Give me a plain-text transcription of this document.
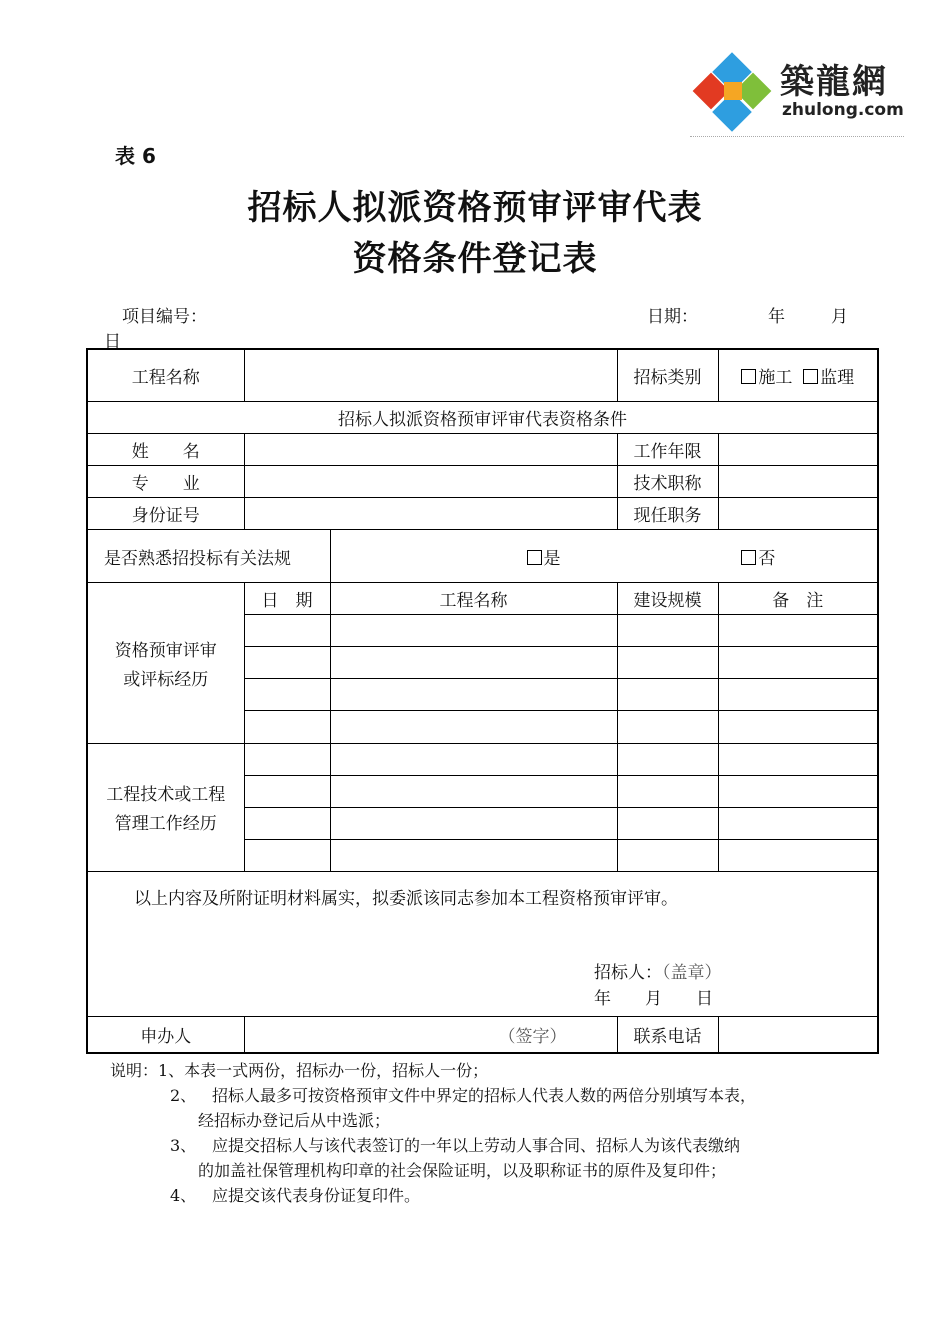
築龍網
zhulong.com
表 6
招标人拟派资格预审评审代表
资格条件登记表
项目编号：	日期：	年	月
日
工程名称			招标类别	施工 监理
招标人拟派资格预审评审代表资格条件				
姓　　名			工作年限	
专　　业			技术职称	
身份证号			现任职务	
是否熟悉招投标有关法规		是 否		

资格预审评审
或评标经历	日　期	工程名称	建设规模	备　注

工程技术或工程
管理工作经历				

以上内容及所附证明材料属实，拟委派该同志参加本工程资格预审评审。
招标人：（盖章）
年　　月　　日				

申办人	（签字）		联系电话	
说明：1、本表一式两份，招标办一份，招标人一份；
2、 招标人最多可按资格预审文件中界定的招标人代表人数的两倍分别填写本表，
经招标办登记后从中选派；
3、 应提交招标人与该代表签订的一年以上劳动人事合同、招标人为该代表缴纳
的加盖社保管理机构印章的社会保险证明，以及职称证书的原件及复印件；
4、 应提交该代表身份证复印件。
